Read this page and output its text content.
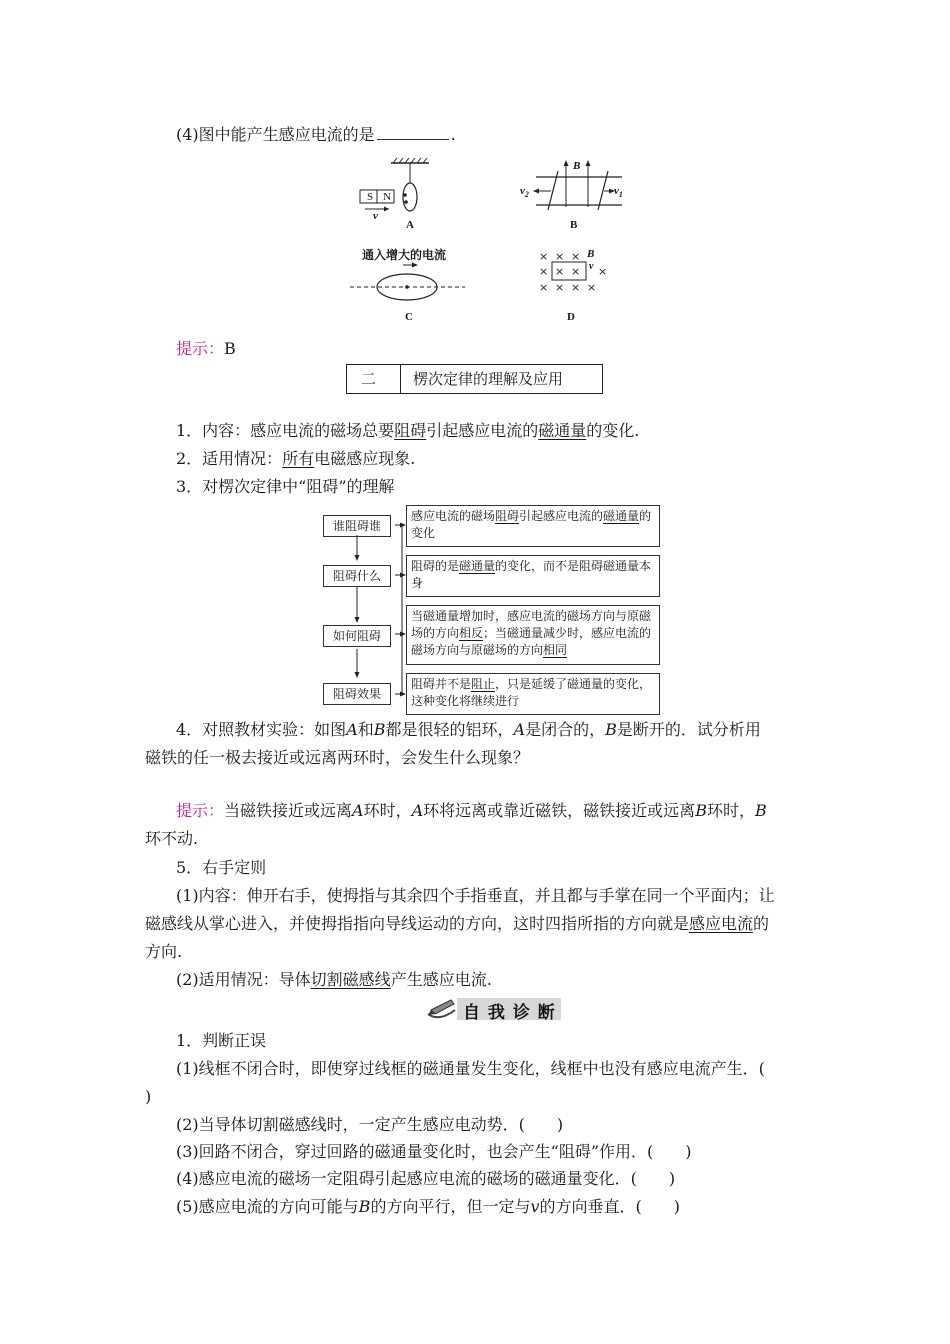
(4)图中能产生感应电流的是	.
S N
v
A
B
$v_2$	$v_1$
B
通入增大的电流
C
× × ×
× × × ×
× × × ×
B
v
D
提示：B
二 楞次定律的理解及应用
1．内容：感应电流的磁场总要阻碍引起感应电流的磁通量的变化.
2．适用情况：所有电磁感应现象.
3．对楞次定律中“阻碍”的理解
谁阻碍谁
阻碍什么
如何阻碍
阻碍效果
感应电流的磁场阻碍引起感应电流的磁通量的变化
阻碍的是磁通量的变化，而不是阻碍磁通量本身
当磁通量增加时，感应电流的磁场方向与原磁场的方向相反；当磁通量减少时，感应电流的磁场方向与原磁场的方向相同
阻碍并不是阻止，只是延缓了磁通量的变化，这种变化将继续进行
4．对照教材实验：如图A和B都是很轻的铝环，A是闭合的，B是断开的．试分析用
磁铁的任一极去接近或远离两环时，会发生什么现象？
提示：当磁铁接近或远离A环时，A环将远离或靠近磁铁，磁铁接近或远离B环时，B
环不动.
5．右手定则
(1)内容：伸开右手，使拇指与其余四个手指垂直，并且都与手掌在同一个平面内；让
磁感线从掌心进入，并使拇指指向导线运动的方向，这时四指所指的方向就是感应电流的
方向.
(2)适用情况：导体切割磁感线产生感应电流.
自 我 诊 断
1．判断正误
(1)线框不闭合时，即使穿过线框的磁通量发生变化，线框中也没有感应电流产生．(
)
(2)当导体切割磁感线时，一定产生感应电动势．(　　)
(3)回路不闭合，穿过回路的磁通量变化时，也会产生“阻碍”作用．(　　)
(4)感应电流的磁场一定阻碍引起感应电流的磁场的磁通量变化．(　　)
(5)感应电流的方向可能与B的方向平行，但一定与v的方向垂直．(　　)
